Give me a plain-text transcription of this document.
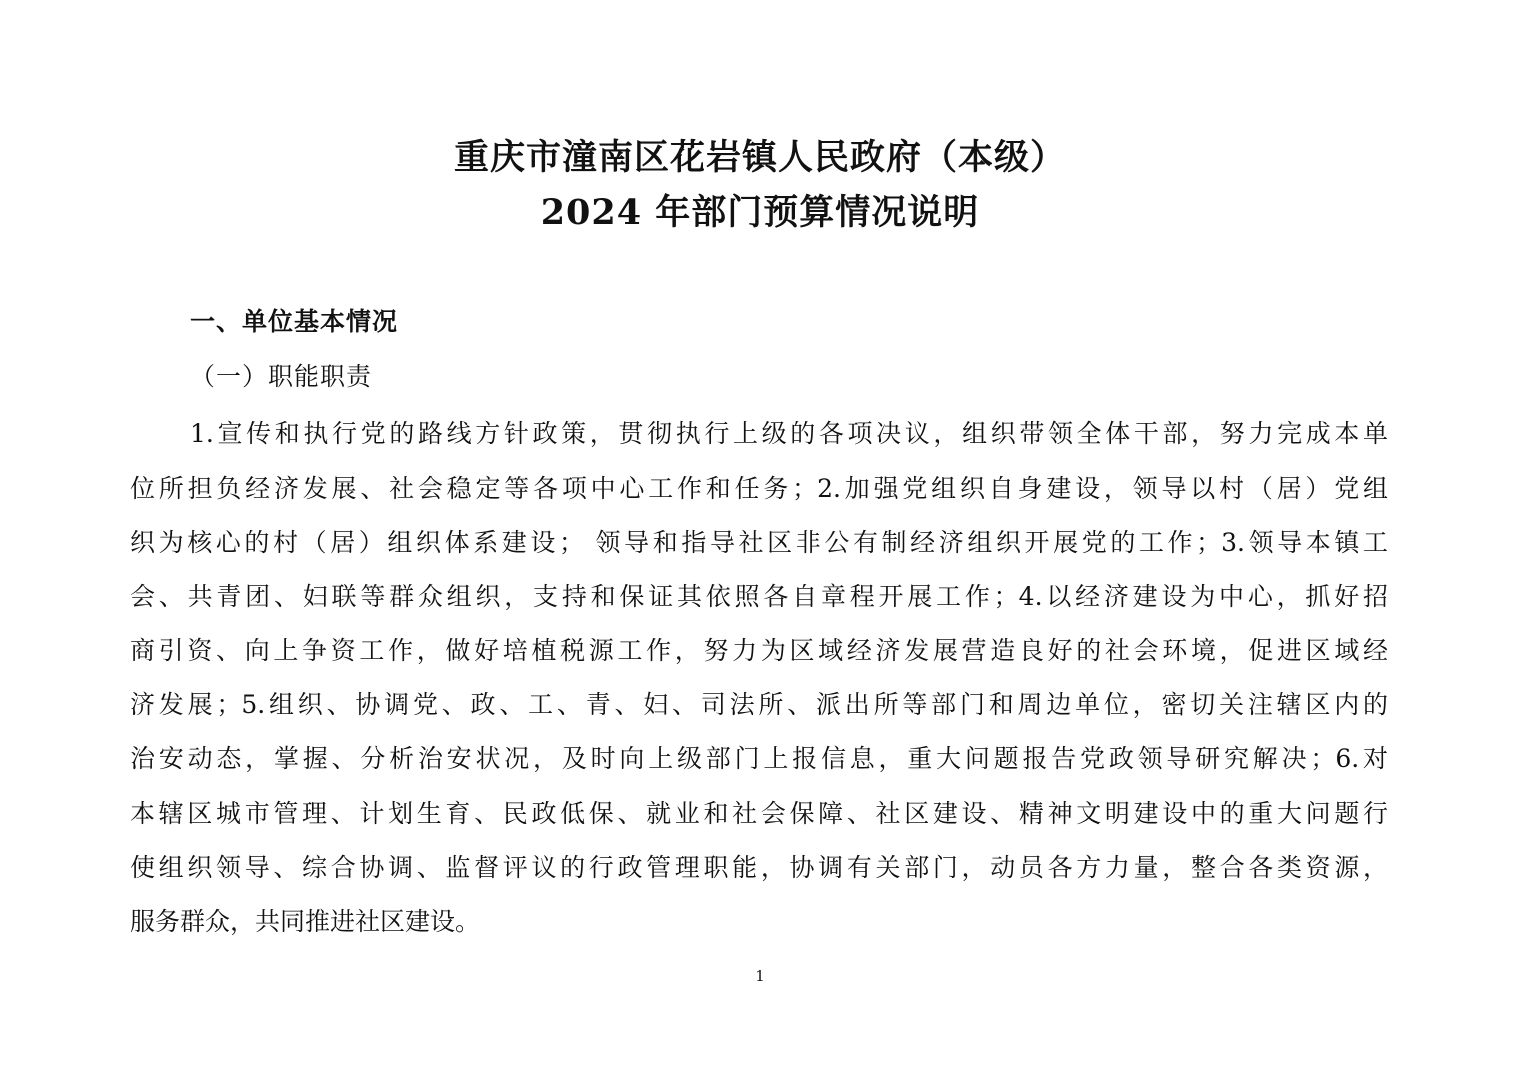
重庆市潼南区花岩镇人民政府（本级）
2024 年部门预算情况说明
一、单位基本情况
（一）职能职责
1.宣传和执行党的路线方针政策，贯彻执行上级的各项决议，组织带领全体干部，努力完成本单
位所担负经济发展、社会稳定等各项中心工作和任务；2.加强党组织自身建设，领导以村（居）党组
织为核心的村（居）组织体系建设； 领导和指导社区非公有制经济组织开展党的工作；3.领导本镇工
会、共青团、妇联等群众组织，支持和保证其依照各自章程开展工作；4.以经济建设为中心，抓好招
商引资、向上争资工作，做好培植税源工作，努力为区域经济发展营造良好的社会环境，促进区域经
济发展；5.组织、协调党、政、工、青、妇、司法所、派出所等部门和周边单位，密切关注辖区内的
治安动态，掌握、分析治安状况，及时向上级部门上报信息，重大问题报告党政领导研究解决；6.对
本辖区城市管理、计划生育、民政低保、就业和社会保障、社区建设、精神文明建设中的重大问题行
使组织领导、综合协调、监督评议的行政管理职能，协调有关部门，动员各方力量，整合各类资源，
服务群众，共同推进社区建设。
1
